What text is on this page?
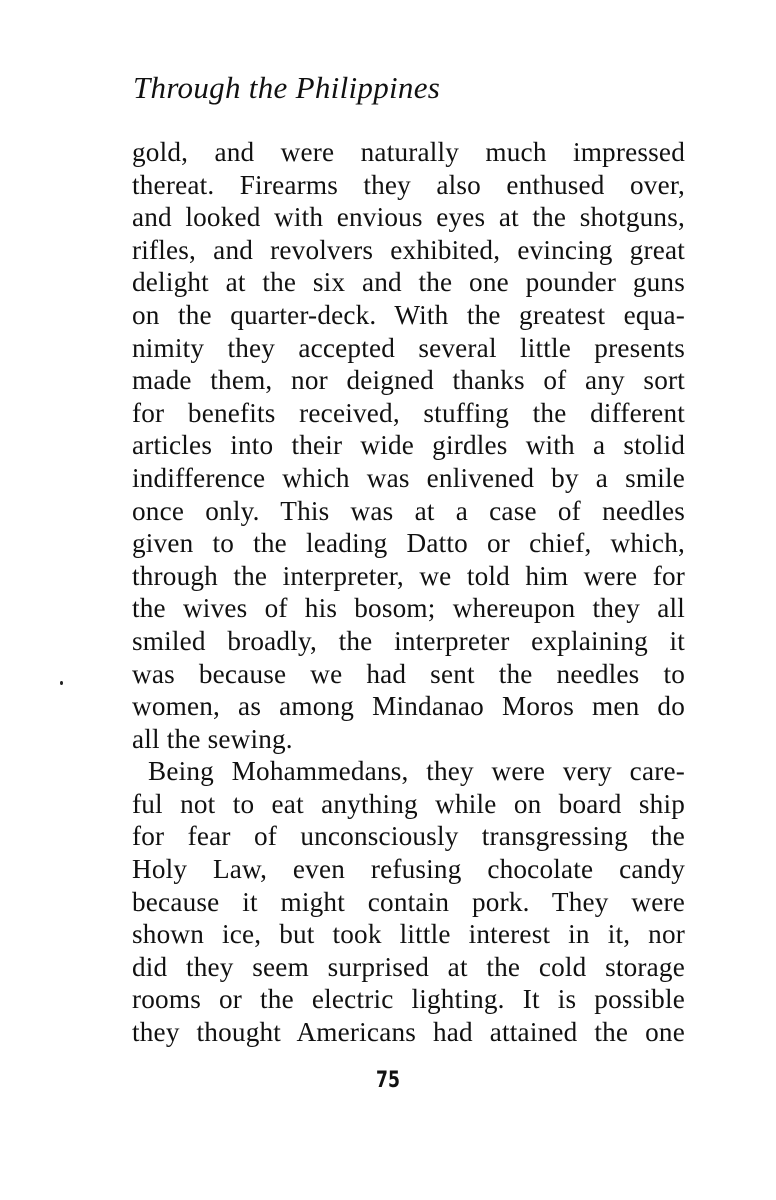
Through the Philippines
gold, and were naturally much impressed
thereat. Firearms they also enthused over,
and looked with envious eyes at the shotguns,
rifles, and revolvers exhibited, evincing great
delight at the six and the one pounder guns
on the quarter-deck. With the greatest equa-
nimity they accepted several little presents
made them, nor deigned thanks of any sort
for benefits received, stuffing the different
articles into their wide girdles with a stolid
indifference which was enlivened by a smile
once only. This was at a case of needles
given to the leading Datto or chief, which,
through the interpreter, we told him were for
the wives of his bosom; whereupon they all
smiled broadly, the interpreter explaining it
was because we had sent the needles to
women, as among Mindanao Moros men do
all the sewing.
Being Mohammedans, they were very care-
ful not to eat anything while on board ship
for fear of unconsciously transgressing the
Holy Law, even refusing chocolate candy
because it might contain pork. They were
shown ice, but took little interest in it, nor
did they seem surprised at the cold storage
rooms or the electric lighting. It is possible
they thought Americans had attained the one
75
